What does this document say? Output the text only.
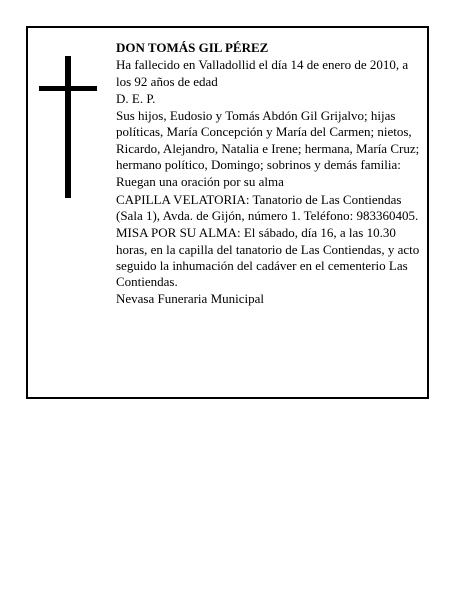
DON TOMÁS GIL PÉREZ

Ha fallecido en Valladollid el día 14 de enero de 2010, a los 92 años de edad

D. E. P.

Sus hijos, Eudosio y Tomás Abdón Gil Grijalvo; hijas políticas, María Concepción y María del Carmen; nietos, Ricardo, Alejandro, Natalia e Irene; hermana, María Cruz; hermano político, Domingo; sobrinos y demás familia:

Ruegan una oración por su alma

CAPILLA VELATORIA: Tanatorio de Las Contiendas (Sala 1), Avda. de Gijón, número 1. Teléfono: 983360405.

MISA POR SU ALMA: El sábado, día 16, a las 10.30 horas, en la capilla del tanatorio de Las Contiendas, y acto seguido la inhumación del cadáver en el cementerio Las Contiendas.

Nevasa Funeraria Municipal
